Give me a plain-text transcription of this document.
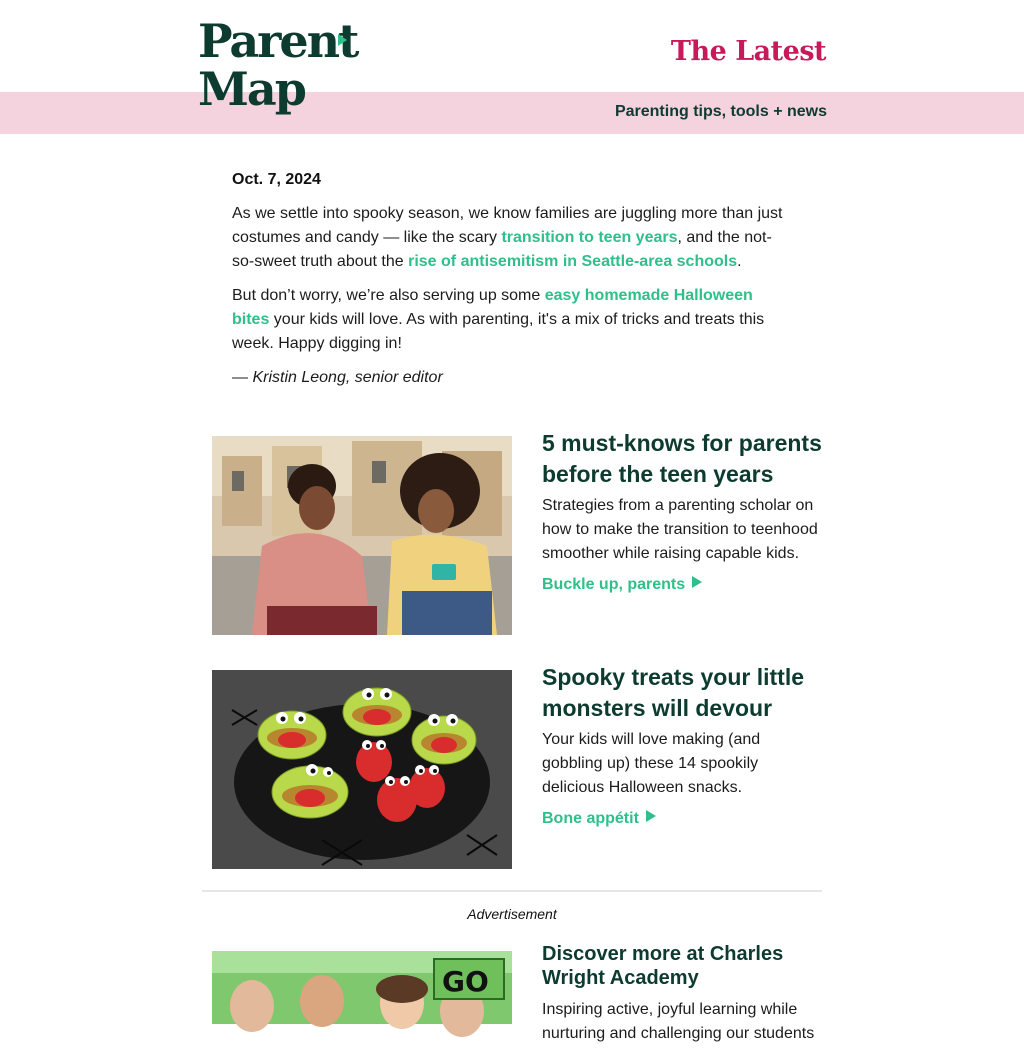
Parent
Map
The Latest
Parenting tips, tools + news

Oct. 7, 2024

As we settle into spooky season, we know families are juggling more than just costumes and candy — like the scary transition to teen years, and the not-so-sweet truth about the rise of antisemitism in Seattle-area schools.

But don’t worry, we’re also serving up some easy homemade Halloween bites your kids will love. As with parenting, it's a mix of tricks and treats this week. Happy digging in!

— Kristin Leong, senior editor

5 must-knows for parents before the teen years
Strategies from a parenting scholar on how to make the transition to teenhood smoother while raising capable kids.
Buckle up, parents
Spooky treats your little monsters will devour
Your kids will love making (and gobbling up) these 14 spookily delicious Halloween snacks.
Bone appétit
Advertisement
GO
Discover more at Charles Wright Academy
Inspiring active, joyful learning while nurturing and challenging our students
